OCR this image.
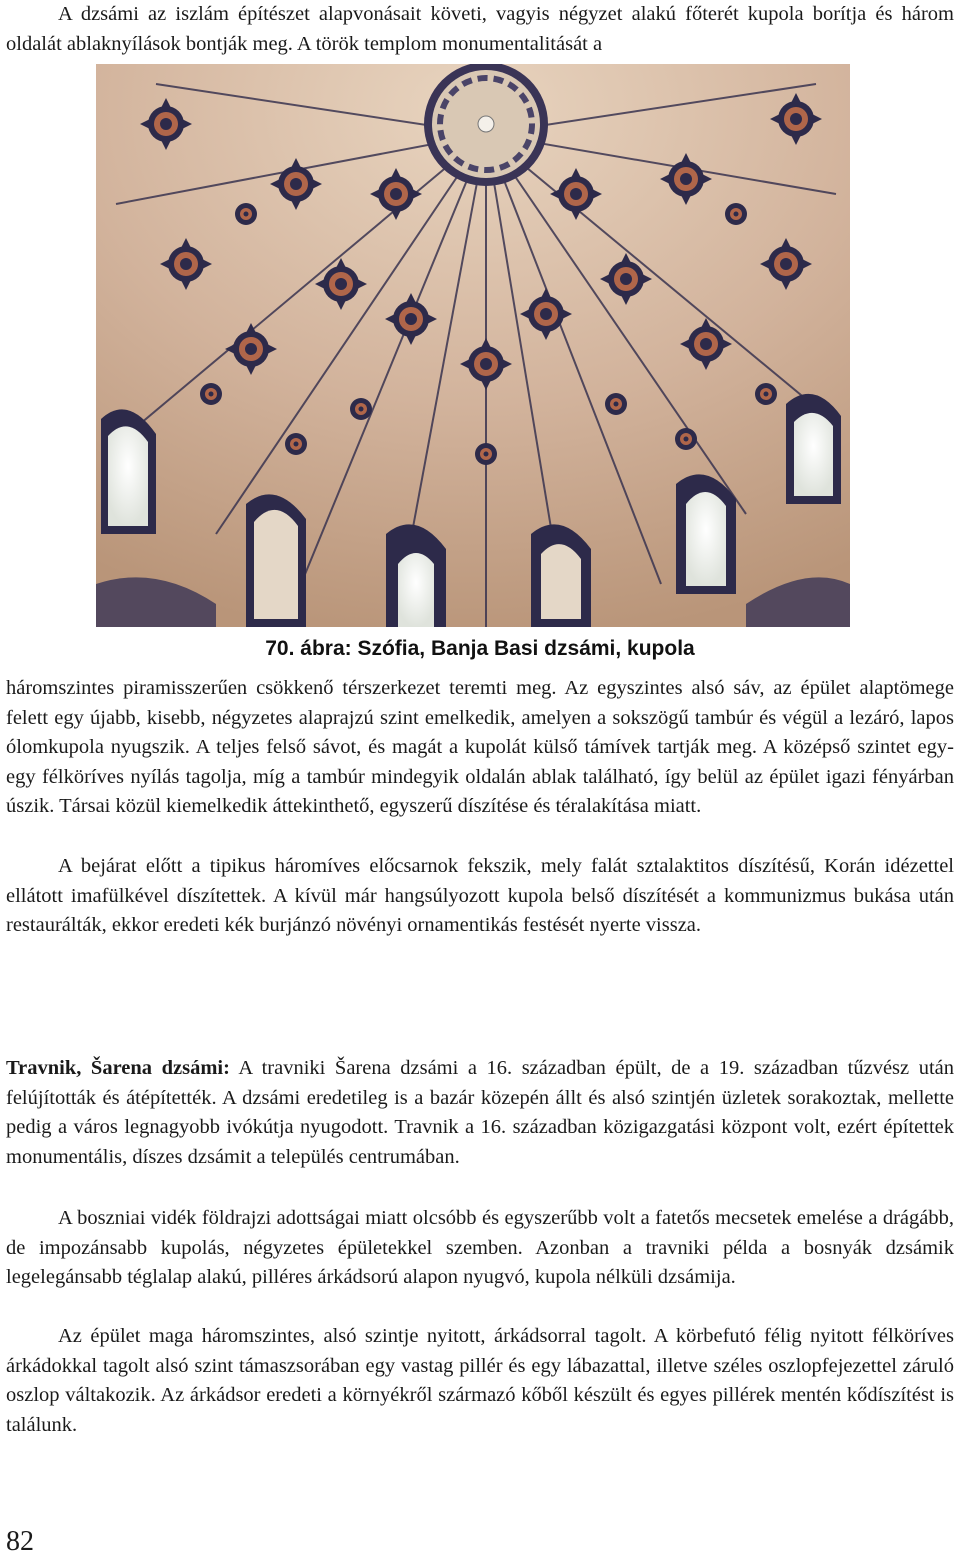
A dzsámi az iszlám építészet alapvonásait követi, vagyis négyzet alakú főterét kupola borítja és három oldalát ablaknyílások bontják meg. A török templom monumentalitását a

70. ábra: Szófia, Banja Basi dzsámi, kupola

háromszintes piramisszerűen csökkenő térszerkezet teremti meg. Az egyszintes alsó sáv, az épület alaptömege felett egy újabb, kisebb, négyzetes alaprajzú szint emelkedik, amelyen a sokszögű tambúr és végül a lezáró, lapos ólomkupola nyugszik. A teljes felső sávot, és magát a kupolát külső támívek tartják meg. A középső szintet egy-egy félköríves nyílás tagolja, míg a tambúr mindegyik oldalán ablak található, így belül az épület igazi fényárban úszik. Társai közül kiemelkedik áttekinthető, egyszerű díszítése és téralakítása miatt.

A bejárat előtt a tipikus háromíves előcsarnok fekszik, mely falát sztalaktitos díszítésű, Korán idézettel ellátott imafülkével díszítettek. A kívül már hangsúlyozott kupola belső díszítését a kommunizmus bukása után restaurálták, ekkor eredeti kék burjánzó növényi ornamentikás festését nyerte vissza.

Travnik, Šarena dzsámi: A travniki Šarena dzsámi a 16. században épült, de a 19. században tűzvész után felújították és átépítették. A dzsámi eredetileg is a bazár közepén állt és alsó szintjén üzletek sorakoztak, mellette pedig a város legnagyobb ivókútja nyugodott. Travnik a 16. században közigazgatási központ volt, ezért építettek monumentális, díszes dzsámit a település centrumában.

A boszniai vidék földrajzi adottságai miatt olcsóbb és egyszerűbb volt a fatetős mecsetek emelése a drágább, de impozánsabb kupolás, négyzetes épületekkel szemben. Azonban a travniki példa a bosnyák dzsámik legelegánsabb téglalap alakú, pilléres árkádsorú alapon nyugvó, kupola nélküli dzsámija.

Az épület maga háromszintes, alsó szintje nyitott, árkádsorral tagolt. A körbefutó félig nyitott félköríves árkádokkal tagolt alsó szint támaszsorában egy vastag pillér és egy lábazattal, illetve széles oszlopfejezettel záruló oszlop váltakozik. Az árkádsor eredeti a környékről származó kőből készült és egyes pillérek mentén kődíszítést is találunk.

82
